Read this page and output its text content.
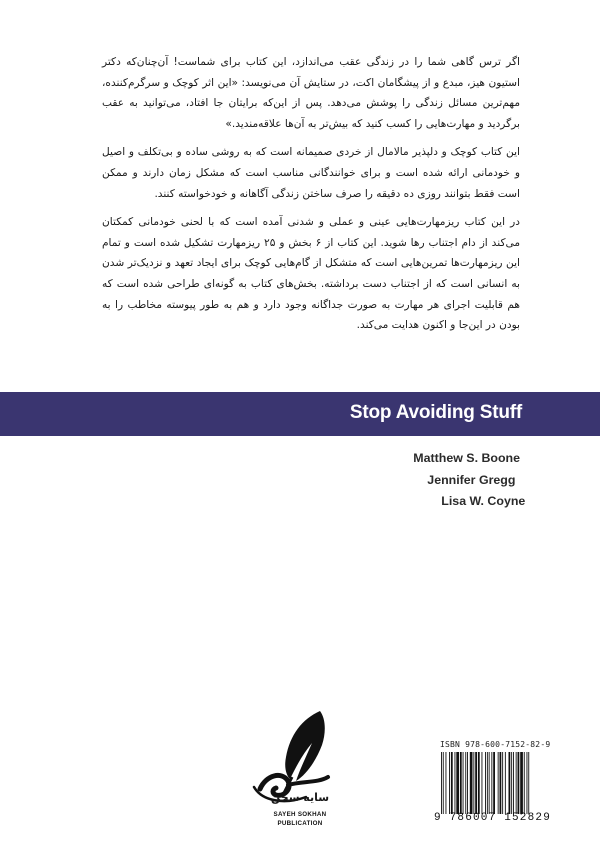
اگر ترس گاهی شما را در زندگی عقب می‌اندازد، این کتاب برای شماست! آن‌چنان‌که دکتر استیون هیز، مبدع و از پیشگامان اکت، در ستایش آن می‌نویسد: «این اثر کوچک و سرگرم‌کننده، مهم‌ترین مسائل زندگی را پوشش می‌دهد. پس از این‌که برایتان جا افتاد، می‌توانید به عقب برگردید و مهارت‌هایی را کسب کنید که بیش‌تر به آن‌ها علاقه‌مندید.»

این کتاب کوچک و دلپذیر مالامال از خردی صمیمانه است که به روشی ساده و بی‌تکلف و اصیل و خودمانی ارائه شده است و برای خوانندگانی مناسب است که مشکل زمان دارند و ممکن است فقط بتوانند روزی ده دقیقه را صرف ساختن زندگی آگاهانه و خودخواسته کنند.

در این کتاب ریزمهارت‌هایی عینی و عملی و شدنی آمده است که با لحنی خودمانی کمکتان می‌کند از دام اجتناب رها شوید. این کتاب از ۶ بخش و ۲۵ ریزمهارت تشکیل شده است و تمام این ریزمهارت‌ها تمرین‌هایی است که متشکل از گام‌هایی کوچک برای ایجاد تعهد و نزدیک‌تر شدن به انسانی است که از اجتناب دست برداشته. بخش‌های کتاب به گونه‌ای طراحی شده است که هم قابلیت اجرای هر مهارت به صورت جداگانه وجود دارد و هم به طور پیوسته مخاطب را به بودن در این‌جا و اکنون هدایت می‌کند.

Stop Avoiding Stuff
Matthew S. Boone
Jennifer Gregg
Lisa W. Coyne
سایه سخن
SAYEH SOKHAN
PUBLICATION
ISBN 978-600-7152-82-9
9 786007 152829
